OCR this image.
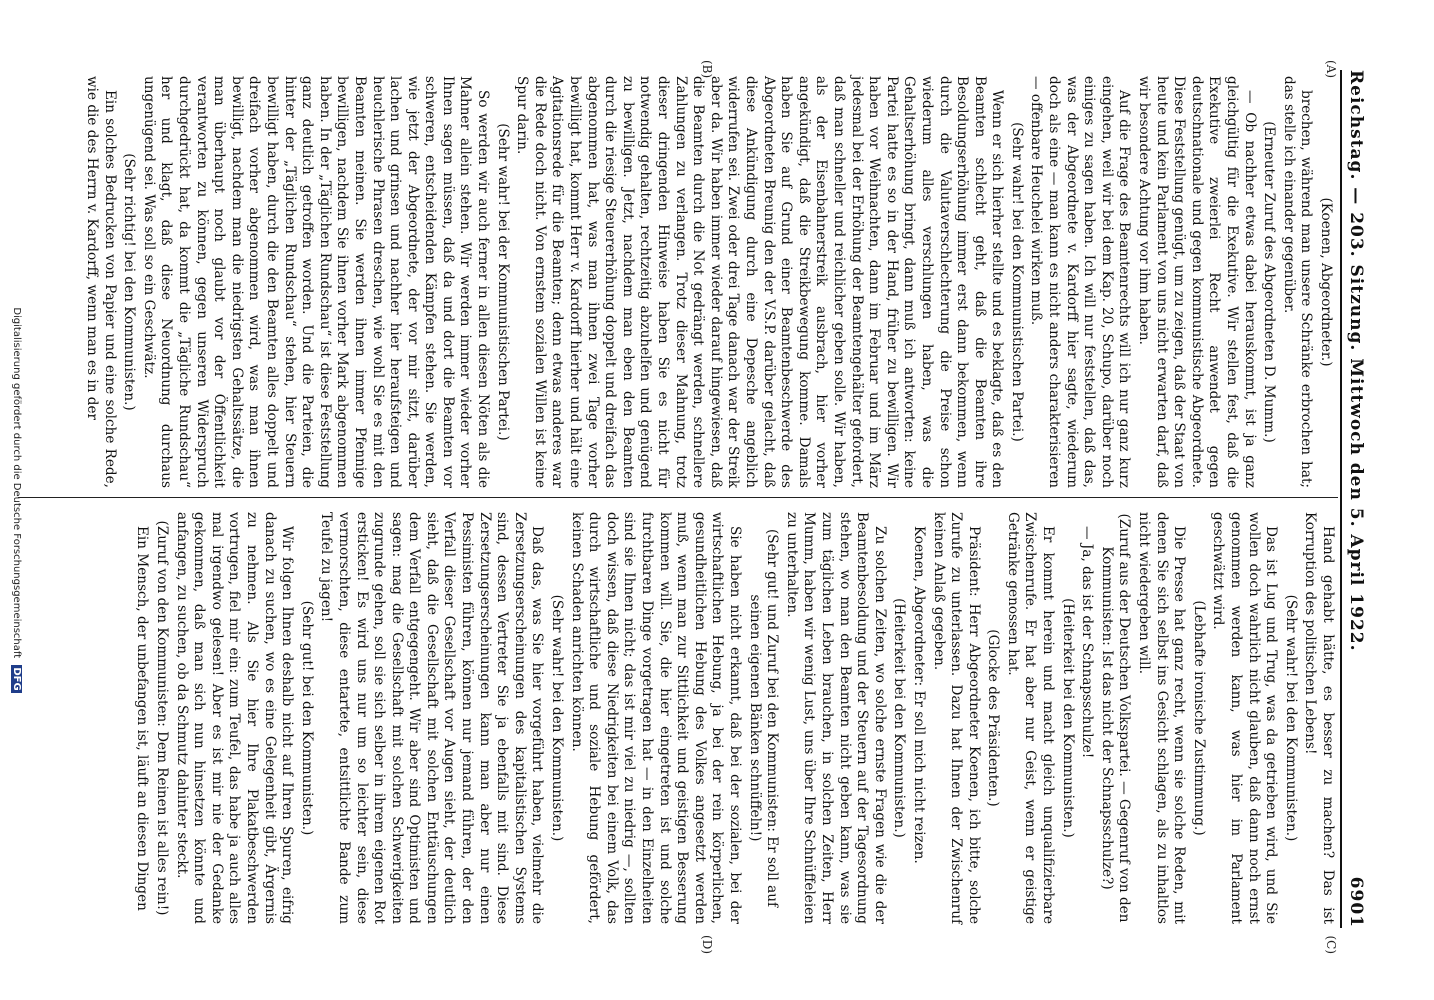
Reichstag. — 203. Sitzung. Mittwoch den 5. April 1922.
6901
(A)
(B)
(C)
(D)

(Koenen, Abgeordneter.)

brechen, während man unsere Schränke erbrochen hat; das stelle ich einander gegenüber.

(Erneuter Zuruf des Abgeordneten D. Mumm.)

— Ob nachher etwas dabei herauskommt, ist ja ganz gleichgültig für die Exekutive. Wir stellen fest, daß die Exekutive zweierlei Recht anwendet gegen deutschnationale und gegen kommunistische Abgeordnete. Diese Feststellung genügt, um zu zeigen, daß der Staat von heute und kein Parlament von uns nicht erwarten darf, daß wir besondere Achtung vor ihm haben.

Auf die Frage des Beamtenrechts will ich nur ganz kurz eingehen, weil wir bei dem Kap. 20, Schupo, darüber noch einiges zu sagen haben. Ich will nur feststellen, daß das, was der Abgeordnete v. Kardorff hier sagte, wiederum doch als eine — man kann es nicht anders charakterisieren — offenbare Heuchelei wirken muß.

(Sehr wahr! bei den Kommunistischen Partei.)

Wenn er sich hierher stellte und es beklagte, daß es den Beamten schlecht geht, daß die Beamten ihre Besoldungserhöhung immer erst dann bekommen, wenn durch die Valutaverschlechterung die Preise schon wiederum alles verschlungen haben, was die Gehaltserhöhung bringt, dann muß ich antworten: keine Partei hatte es so in der Hand, früher zu bewilligen. Wir haben vor Weihnachten, dann im Februar und im März jedesmal bei der Erhöhung der Beamtengehälter gefordert, daß man schneller und reichlicher geben solle. Wir haben, als der Eisenbahnerstreik ausbrach, hier vorher angekündigt, daß die Streikbewegung komme. Damals haben Sie auf Grund einer Beamtenbeschwerde des Abgeordneten Breunig den der V.S.P. darüber gelacht, daß diese Ankündigung durch eine Depesche angeblich widerrufen sei. Zwei oder drei Tage danach war der Streik aber da. Wir haben immer wieder darauf hingewiesen, daß die Beamten durch die Not gedrängt werden, schnellere Zahlungen zu verlangen. Trotz dieser Mahnung, trotz dieser dringenden Hinweise haben Sie es nicht für notwendig gehalten, rechtzeitig abzuhelfen und genügend zu bewilligen. Jetzt, nachdem man eben den Beamten durch die riesige Steuererhöhung doppelt und dreifach das abgenommen hat, was man ihnen zwei Tage vorher bewilligt hat, kommt Herr v. Kardorff hierher und hält eine Agitationsrede für die Beamten; denn etwas anderes war die Rede doch nicht. Von ernstem sozialen Willen ist keine Spur darin.

(Sehr wahr! bei der Kommunistischen Partei.)

So werden wir auch ferner in allen diesen Nöten als die Mahner allein stehen. Wir werden immer wieder vorher Ihnen sagen müssen, daß da und dort die Beamten vor schweren, entscheidenden Kämpfen stehen. Sie werden, wie jetzt der Abgeordnete, der vor mir sitzt, darüber lachen und grinsen und nachher hier heraufsteigen und heuchlerische Phrasen dreschen, wie wohl Sie es mit den Beamten meinen. Sie werden ihnen immer Pfennige bewilligen, nachdem Sie ihnen vorher Mark abgenommen haben. In der „Täglichen Rundschau“ ist diese Feststellung ganz deutlich getroffen worden. Und die Parteien, die hinter der „Täglichen Rundschau“ stehen, hier Steuern bewilligt haben, durch die den Beamten alles doppelt und dreifach vorher abgenommen wird, was man ihnen bewilligt, nachdem man die niedrigsten Gehaltssätze, die man überhaupt noch glaubt vor der Öffentlichkeit verantworten zu können, gegen unseren Widerspruch durchgedrückt hat, da kommt die „Tägliche Rundschau“ her und klagt, daß diese Neuordnung durchaus ungenügend sei. Was soll so ein Geschwätz.

(Sehr richtig! bei den Kommunisten.)

Ein solches Bedrucken von Papier und eine solche Rede, wie die des Herrn v. Kardorff, wenn man es in der

Hand gehabt hätte, es besser zu machen? Das ist Korruption des politischen Lebens!

(Sehr wahr! bei den Kommunisten.)

Das ist Lug und Trug, was da getrieben wird, und Sie wollen doch wahrlich nicht glauben, daß dann noch ernst genommen werden kann, was hier im Parlament geschwätzt wird.

(Lebhafte ironische Zustimmung.)

Die Presse hat ganz recht, wenn sie solche Reden, mit denen Sie sich selbst ins Gesicht schlagen, als zu inhaltlos nicht wiedergeben will.

(Zuruf aus der Deutschen Volkspartei. — Gegenruf von den Kommunisten: Ist das nicht der Schnapsschulze?)

— Ja, das ist der Schnapsschulze!

(Heiterkeit bei den Kommunisten.)

Er kommt herein und macht gleich unqualifizierbare Zwischenrufe. Er hat aber nur Geist, wenn er geistige Getränke genossen hat.

(Glocke des Präsidenten.)

Präsident: Herr Abgeordneter Koenen, ich bitte, solche Zurufe zu unterlassen. Dazu hat Ihnen der Zwischenruf keinen Anlaß gegeben.

Koenen, Abgeordneter: Er soll mich nicht reizen.

(Heiterkeit bei den Kommunisten.)

Zu solchen Zeiten, wo solche ernste Fragen wie die der Beamtenbesoldung und der Steuern auf der Tagesordnung stehen, wo man den Beamten nicht geben kann, was sie zum täglichen Leben brauchen, in solchen Zeiten, Herr Mumm, haben wir wenig Lust, uns über Ihre Schnüffeleien zu unterhalten.

(Sehr gut! und Zuruf bei den Kommunisten: Er soll auf seinen eigenen Bänken schnüffeln!)

Sie haben nicht erkannt, daß bei der sozialen, bei der wirtschaftlichen Hebung, ja bei der rein körperlichen, gesundheitlichen Hebung des Volkes angesetzt werden muß, wenn man zur Sittlichkeit und geistigen Besserung kommen will. Sie, die hier eingetreten ist und solche furchtbaren Dinge vorgetragen hat — in den Einzelheiten sind sie Ihnen nicht; das ist mir viel zu niedrig —, sollten doch wissen, daß diese Niedrigkeiten bei einem Volk, das durch wirtschaftliche und soziale Hebung gefördert, keinen Schaden anrichten können.

(Sehr wahr! bei den Kommunisten.)

Daß das, was Sie hier vorgeführt haben, vielmehr die Zersetzungserscheinungen des kapitalistischen Systems sind, dessen Vertreter Sie ja ebenfalls mit sind. Diese Zersetzungserscheinungen kann man aber nur einen Pessimisten führen, können nur jemand führen, der den Verfall dieser Gesellschaft vor Augen sieht, der deutlich sieht, daß die Gesellschaft mit solchen Enttäuschungen dem Verfall entgegengeht. Wir aber sind Optimisten und sagen: mag die Gesellschaft mit solchen Schwerigkeiten zugrunde gehen, soll sie sich selber in ihrem eigenen Rot ersticken! Es wird uns nur um so leichter sein, diese vermorschten, diese entartete, entsittlichte Bande zum Teufel zu jagen!

(Sehr gut! bei den Kommunisten.)

Wir folgen Ihnen deshalb nicht auf Ihren Spuren, eifrig danach zu suchen, wo es eine Gelegenheit gibt, Ärgernis zu nehmen. Als Sie hier Ihre Plakatbeschwerden vortrugen, fiel mir ein: zum Teufel, das habe ja auch alles mal irgendwo gelesen! Aber es ist mir nie der Gedanke gekommen, daß man sich nun hinsetzen könnte und anfangen, zu suchen, ob da Schmutz dahinter steckt.

(Zuruf von den Kommunisten: Dem Reinen ist alles rein!)

Ein Mensch, der unbefangen ist, läuft an diesen Dingen

Digitalisierung gefördert durch die Deutsche Forschungsgemeinschaft DFG
